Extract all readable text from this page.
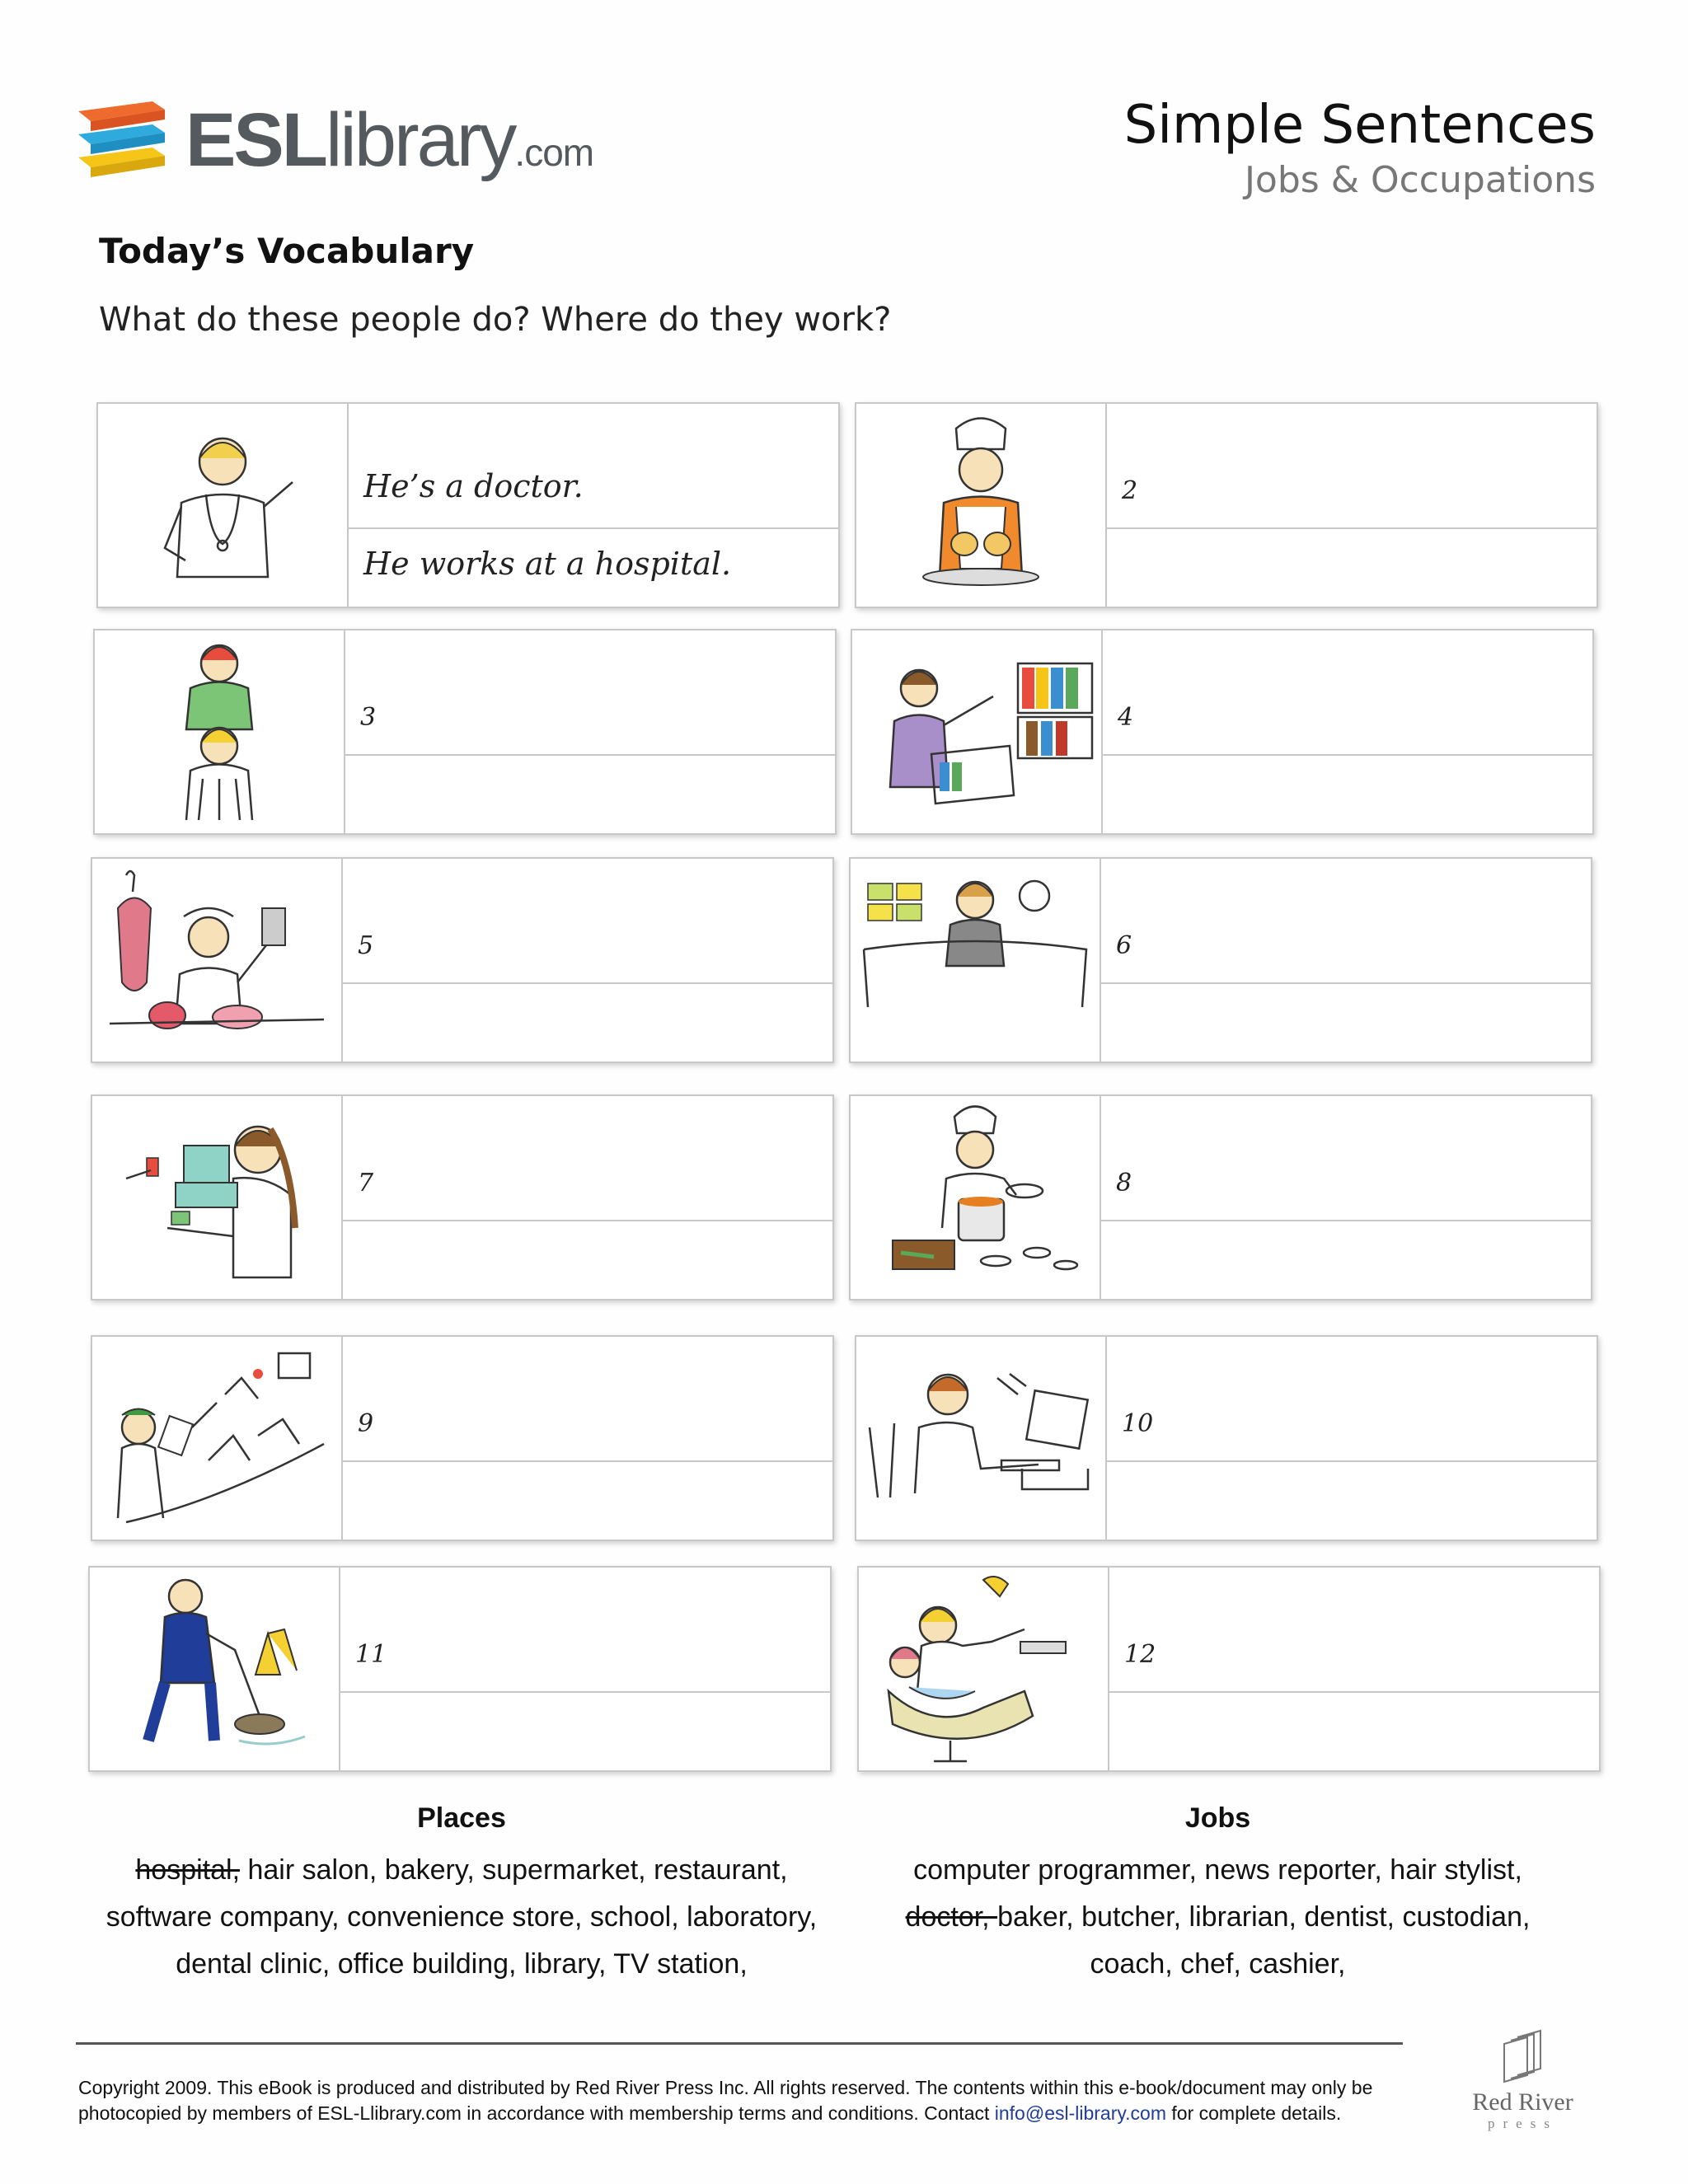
ESLlibrary.com	Simple Sentences
Jobs & Occupations
Today’s Vocabulary
What do these people do? Where do they work?
He’s a doctor.
He works at a hospital.
2
3	4
5	6
7	8
9	10
11	12
Places

hospital, hair salon, bakery, supermarket, restaurant,

software company, convenience store, school, laboratory,

dental clinic, office building, library, TV station,

Jobs

computer programmer, news reporter, hair stylist,

doctor, baker, butcher, librarian, dentist, custodian,

coach, chef, cashier,

Copyright 2009. This eBook is produced and distributed by Red River Press Inc. All rights reserved. The contents within this e-book/document may only be
photocopied by members of ESL-Llibrary.com in accordance with membership terms and conditions. Contact info@esl-library.com for complete details.	Red River
press
